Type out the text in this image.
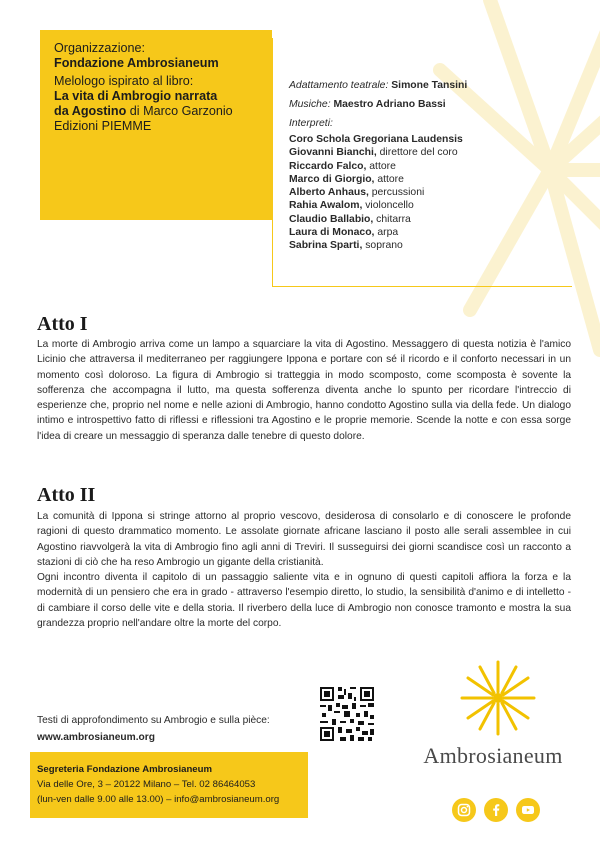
Organizzazione:
Fondazione Ambrosianeum
Melologo ispirato al libro:
La vita di Ambrogio narrata
da Agostino di Marco Garzonio
Edizioni PIEMME
Adattamento teatrale: Simone Tansini
Musiche: Maestro Adriano Bassi
Interpreti:
Coro Schola Gregoriana Laudensis
Giovanni Bianchi, direttore del coro
Riccardo Falco, attore
Marco di Giorgio, attore
Alberto Anhaus, percussioni
Rahia Awalom, violoncello
Claudio Ballabio, chitarra
Laura di Monaco, arpa
Sabrina Sparti, soprano
Atto I

La morte di Ambrogio arriva come un lampo a squarciare la vita di Agostino. Messaggero di questa notizia è l'amico Licinio che attraversa il mediterraneo per raggiungere Ippona e portare con sé il ricordo e il conforto necessari in un momento così doloroso. La figura di Ambrogio si tratteggia in modo scomposto, come scomposta è sovente la sofferenza che accompagna il lutto, ma questa sofferenza diventa anche lo spunto per ricordare l'intreccio di esperienze che, proprio nel nome e nelle azioni di Ambrogio, hanno condotto Agostino sulla via della fede. Un dialogo intimo e introspettivo fatto di riflessi e riflessioni tra Agostino e le proprie memorie. Scende la notte e con essa sorge l'idea di creare un messaggio di speranza dalle tenebre di questo dolore.

Atto II

La comunità di Ippona si stringe attorno al proprio vescovo, desiderosa di consolarlo e di conoscere le profonde ragioni di questo drammatico momento. Le assolate giornate africane lasciano il posto alle serali assemblee in cui Agostino riavvolgerà la vita di Ambrogio fino agli anni di Treviri. Il susseguirsi dei giorni scandisce così un racconto a stazioni di ciò che ha reso Ambrogio un gigante della cristianità.

Ogni incontro diventa il capitolo di un passaggio saliente vita e in ognuno di questi capitoli affiora la forza e la modernità di un pensiero che era in grado - attraverso l'esempio diretto, lo studio, la sensibilità d'animo e di intelletto - di cambiare il corso delle vite e della storia. Il riverbero della luce di Ambrogio non conosce tramonto e mostra la sua grandezza proprio nell'andare oltre la morte del corpo.

Testi di approfondimento su Ambrogio e sulla pièce:
www.ambrosianeum.org
Segreteria Fondazione Ambrosianeum
Via delle Ore, 3 – 20122 Milano – Tel. 02 86464053
(lun-ven dalle 9.00 alle 13.00) – info@ambrosianeum.org
Ambrosianeum
